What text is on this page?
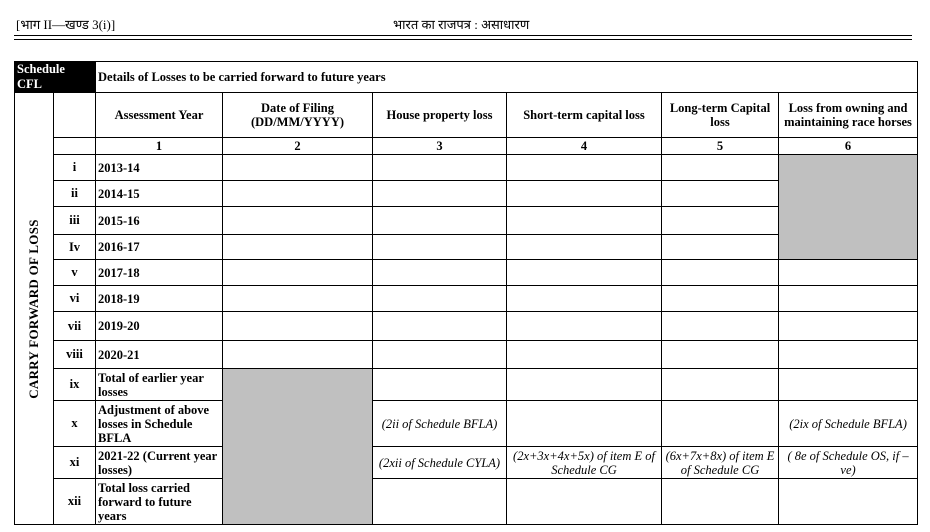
[भाग II—खण्ड 3(i)]	भारत का राजपत्र : असाधारण
Schedule CFL		Details of Losses to be carried forward to future years					

CARRY FORWARD OF LOSS		Assessment Year	Date of Filing (DD/MM/YYYY)	House property loss	Short-term capital loss	Long-term Capital loss	Loss from owning and maintaining race horses
		1	2	3	4	5	6
	i	2013-14					
	ii	2014-15					
	iii	2015-16					
	Iv	2016-17					
	v	2017-18					
	vi	2018-19					
	vii	2019-20					
	viii	2020-21					
	ix	Total of earlier year losses					
	x	Adjustment of above losses in Schedule BFLA		(2ii of Schedule BFLA)			(2ix of Schedule BFLA)
	xi	2021-22 (Current year losses)		(2xii of Schedule CYLA)	(2x+3x+4x+5x) of item E of Schedule CG	(6x+7x+8x) of item E of Schedule CG	( 8e of Schedule OS, if –ve)
	xii	Total loss carried forward to future years					
